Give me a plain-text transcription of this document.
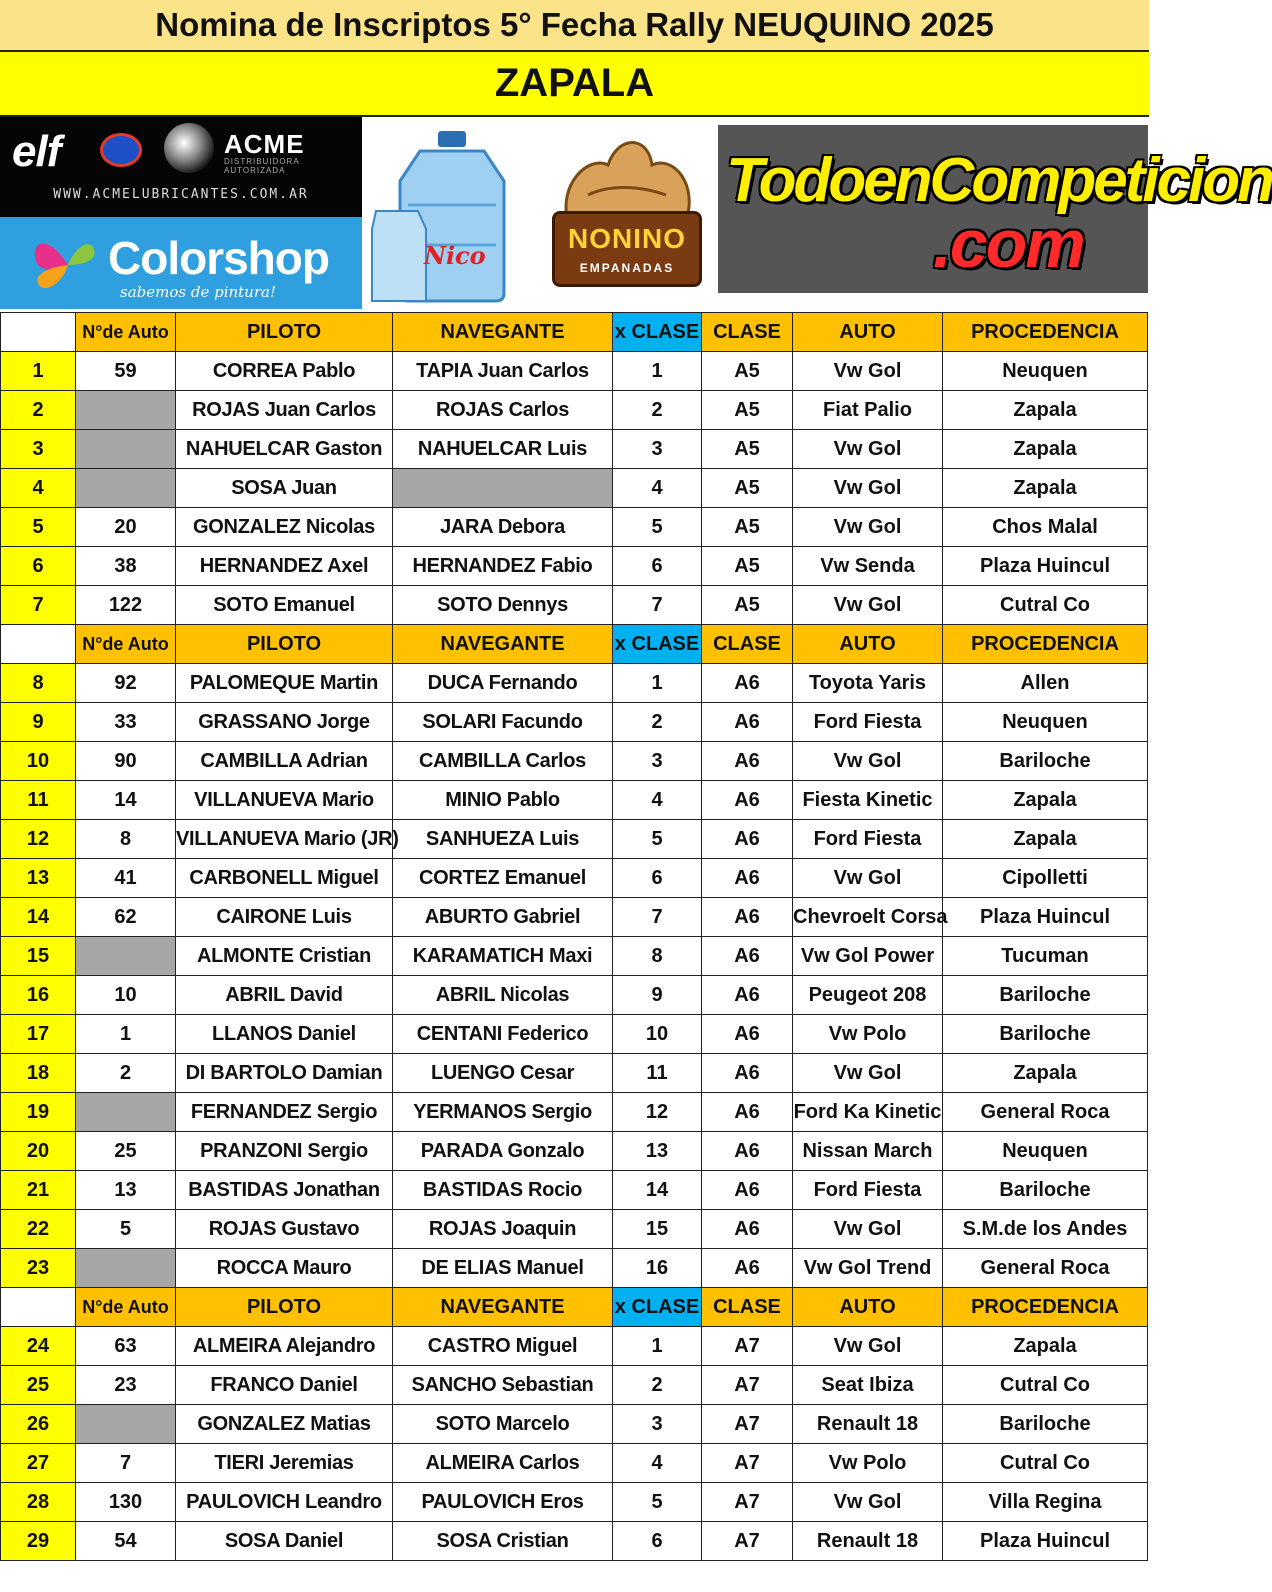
Nomina de Inscriptos 5° Fecha Rally NEUQUINO 2025
ZAPALA
elf	ACME
DISTRIBUIDORA AUTORIZADA
WWW.ACMELUBRICANTES.COM.AR
Colorshop
sabemos de pintura!
Nico
NONINO
EMPANADAS
TodoenCompeticion
.com
	N°de Auto	PILOTO	NAVEGANTE	x CLASE	CLASE	AUTO	PROCEDENCIA
1	59	CORREA Pablo	TAPIA Juan Carlos	1	A5	Vw Gol	Neuquen
2		ROJAS Juan Carlos	ROJAS Carlos	2	A5	Fiat Palio	Zapala
3		NAHUELCAR Gaston	NAHUELCAR Luis	3	A5	Vw Gol	Zapala
4		SOSA Juan		4	A5	Vw Gol	Zapala
5	20	GONZALEZ Nicolas	JARA Debora	5	A5	Vw Gol	Chos Malal
6	38	HERNANDEZ Axel	HERNANDEZ Fabio	6	A5	Vw Senda	Plaza Huincul
7	122	SOTO Emanuel	SOTO Dennys	7	A5	Vw Gol	Cutral Co
	N°de Auto	PILOTO	NAVEGANTE	x CLASE	CLASE	AUTO	PROCEDENCIA
8	92	PALOMEQUE Martin	DUCA Fernando	1	A6	Toyota Yaris	Allen
9	33	GRASSANO Jorge	SOLARI Facundo	2	A6	Ford Fiesta	Neuquen
10	90	CAMBILLA Adrian	CAMBILLA Carlos	3	A6	Vw Gol	Bariloche
11	14	VILLANUEVA Mario	MINIO Pablo	4	A6	Fiesta Kinetic	Zapala
12	8	VILLANUEVA Mario (JR)	SANHUEZA Luis	5	A6	Ford Fiesta	Zapala
13	41	CARBONELL Miguel	CORTEZ Emanuel	6	A6	Vw Gol	Cipolletti
14	62	CAIRONE Luis	ABURTO Gabriel	7	A6	Chevroelt Corsa	Plaza Huincul
15		ALMONTE Cristian	KARAMATICH Maxi	8	A6	Vw Gol Power	Tucuman
16	10	ABRIL David	ABRIL Nicolas	9	A6	Peugeot 208	Bariloche
17	1	LLANOS Daniel	CENTANI Federico	10	A6	Vw Polo	Bariloche
18	2	DI BARTOLO Damian	LUENGO Cesar	11	A6	Vw Gol	Zapala
19		FERNANDEZ Sergio	YERMANOS Sergio	12	A6	Ford Ka Kinetic	General Roca
20	25	PRANZONI Sergio	PARADA Gonzalo	13	A6	Nissan March	Neuquen
21	13	BASTIDAS Jonathan	BASTIDAS Rocio	14	A6	Ford Fiesta	Bariloche
22	5	ROJAS Gustavo	ROJAS Joaquin	15	A6	Vw Gol	S.M.de los Andes
23		ROCCA Mauro	DE ELIAS Manuel	16	A6	Vw Gol Trend	General Roca
	N°de Auto	PILOTO	NAVEGANTE	x CLASE	CLASE	AUTO	PROCEDENCIA
24	63	ALMEIRA Alejandro	CASTRO Miguel	1	A7	Vw Gol	Zapala
25	23	FRANCO Daniel	SANCHO Sebastian	2	A7	Seat Ibiza	Cutral Co
26		GONZALEZ Matias	SOTO Marcelo	3	A7	Renault 18	Bariloche
27	7	TIERI Jeremias	ALMEIRA Carlos	4	A7	Vw Polo	Cutral Co
28	130	PAULOVICH Leandro	PAULOVICH Eros	5	A7	Vw Gol	Villa Regina
29	54	SOSA Daniel	SOSA Cristian	6	A7	Renault 18	Plaza Huincul
